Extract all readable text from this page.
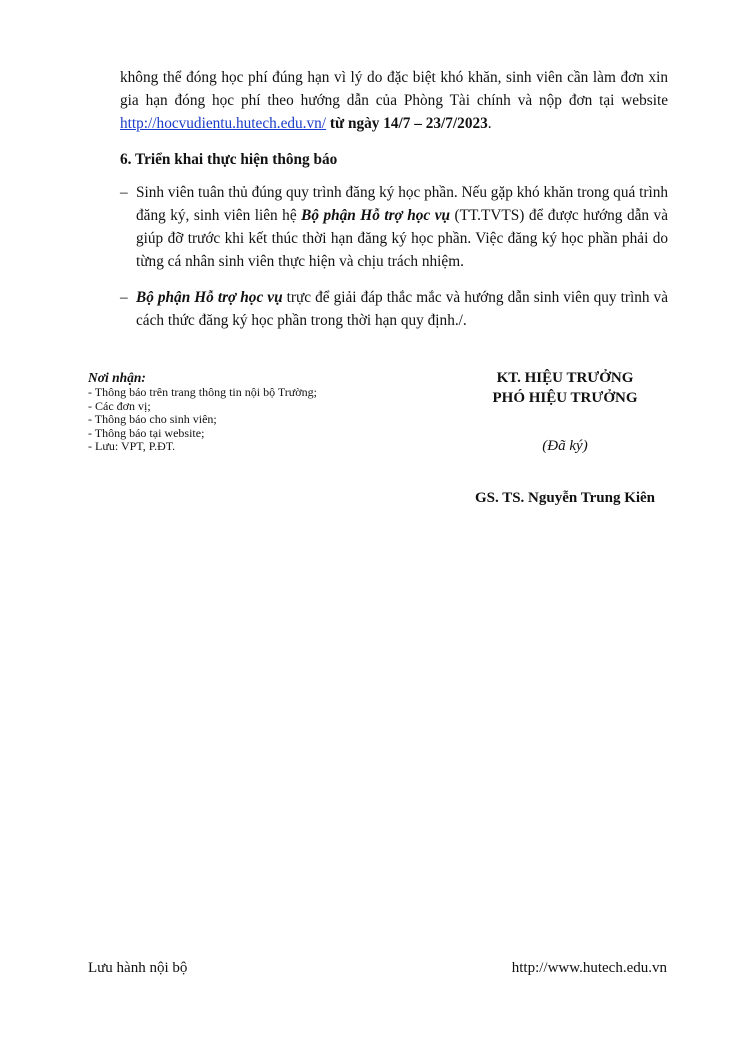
không thể đóng học phí đúng hạn vì lý do đặc biệt khó khăn, sinh viên cần làm đơn xin gia hạn đóng học phí theo hướng dẫn của Phòng Tài chính và nộp đơn tại website http://hocvudientu.hutech.edu.vn/ từ ngày 14/7 – 23/7/2023.
6. Triển khai thực hiện thông báo
– Sinh viên tuân thủ đúng quy trình đăng ký học phần. Nếu gặp khó khăn trong quá trình đăng ký, sinh viên liên hệ Bộ phận Hỗ trợ học vụ (TT.TVTS) để được hướng dẫn và giúp đỡ trước khi kết thúc thời hạn đăng ký học phần. Việc đăng ký học phần phải do từng cá nhân sinh viên thực hiện và chịu trách nhiệm.
– Bộ phận Hỗ trợ học vụ trực để giải đáp thắc mắc và hướng dẫn sinh viên quy trình và cách thức đăng ký học phần trong thời hạn quy định./.
Nơi nhận:
- Thông báo trên trang thông tin nội bộ Trường;
- Các đơn vị;
- Thông báo cho sinh viên;
- Thông báo tại website;
- Lưu: VPT, P.ĐT.
KT. HIỆU TRƯỞNG
PHÓ HIỆU TRƯỞNG
(Đã ký)
GS. TS. Nguyễn Trung Kiên
Lưu hành nội bộ	http://www.hutech.edu.vn
